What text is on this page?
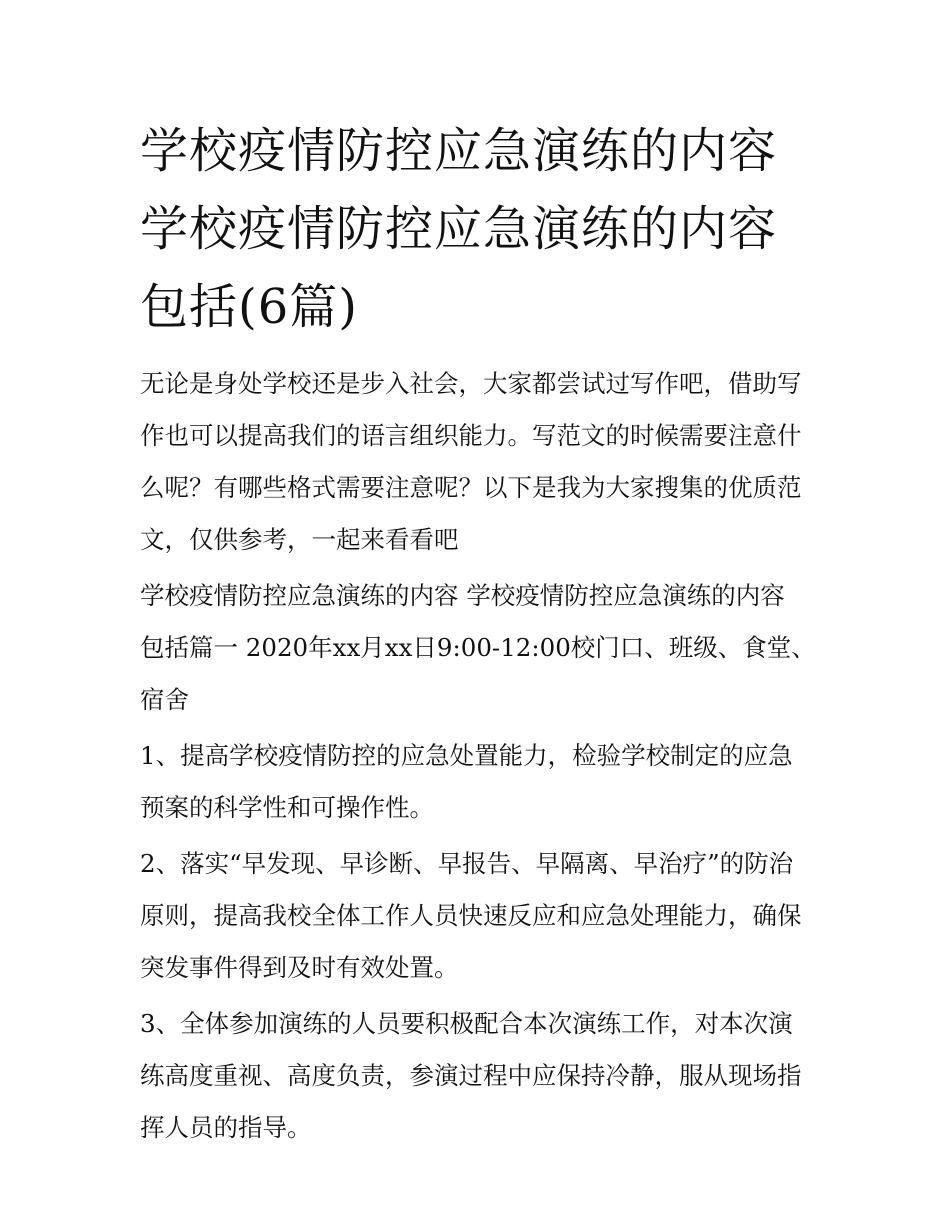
学校疫情防控应急演练的内容
学校疫情防控应急演练的内容
包括(6篇)

无论是身处学校还是步入社会，大家都尝试过写作吧，借助写
作也可以提高我们的语言组织能力。写范文的时候需要注意什
么呢？有哪些格式需要注意呢？以下是我为大家搜集的优质范
文，仅供参考，一起来看看吧

学校疫情防控应急演练的内容 学校疫情防控应急演练的内容
包括篇一 2020年xx月xx日9:00-12:00校门口、班级、食堂、
宿舍

1、提高学校疫情防控的应急处置能力，检验学校制定的应急
预案的科学性和可操作性。

2、落实“早发现、早诊断、早报告、早隔离、早治疗”的防治
原则，提高我校全体工作人员快速反应和应急处理能力，确保
突发事件得到及时有效处置。

3、全体参加演练的人员要积极配合本次演练工作，对本次演
练高度重视、高度负责，参演过程中应保持冷静，服从现场指
挥人员的指导。
